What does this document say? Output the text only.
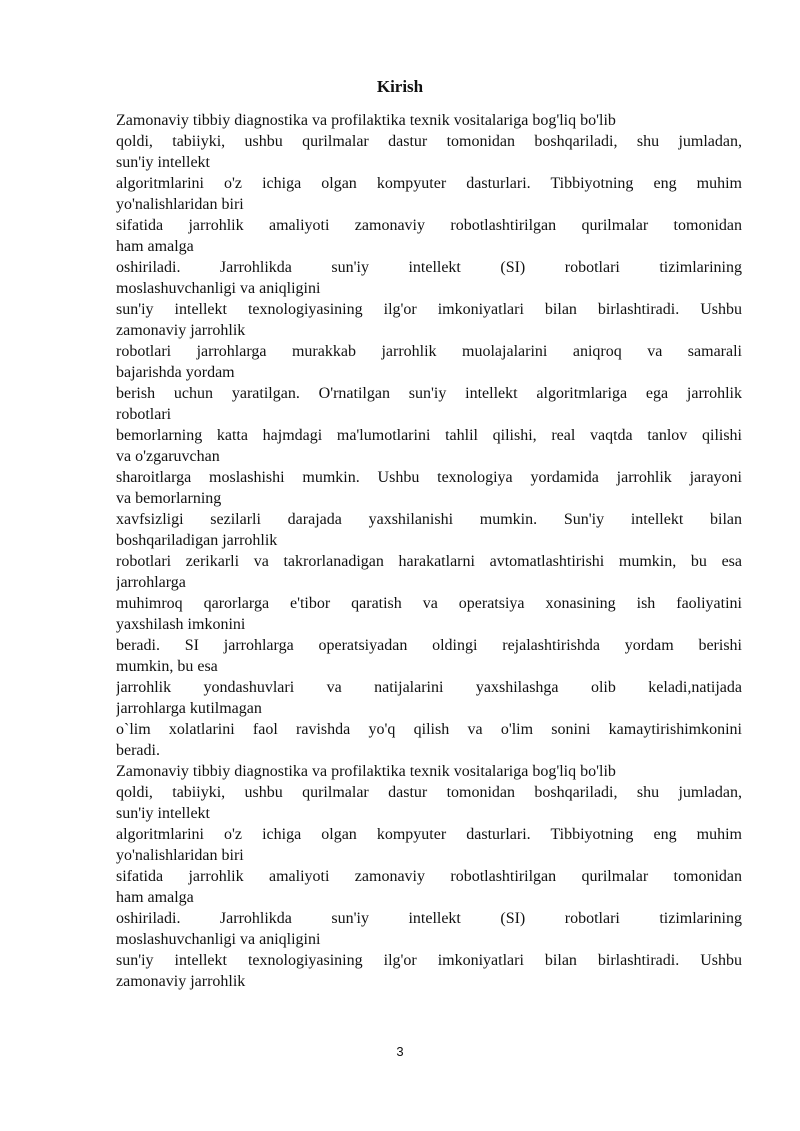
Kirish

Zamonaviy tibbiy diagnostika va profilaktika texnik vositalariga bog'liq bo'lib

qoldi, tabiiyki, ushbu qurilmalar dastur tomonidan boshqariladi, shu jumladan,

sun'iy intellekt

algoritmlarini o'z ichiga olgan kompyuter dasturlari. Tibbiyotning eng muhim

yo'nalishlaridan biri

sifatida jarrohlik amaliyoti zamonaviy robotlashtirilgan qurilmalar tomonidan

ham amalga

oshiriladi. Jarrohlikda sun'iy intellekt (SI) robotlari tizimlarining

moslashuvchanligi va aniqligini

sun'iy intellekt texnologiyasining ilg'or imkoniyatlari bilan birlashtiradi. Ushbu

zamonaviy jarrohlik

robotlari jarrohlarga murakkab jarrohlik muolajalarini aniqroq va samarali

bajarishda yordam

berish uchun yaratilgan. O'rnatilgan sun'iy intellekt algoritmlariga ega jarrohlik

robotlari

bemorlarning katta hajmdagi ma'lumotlarini tahlil qilishi, real vaqtda tanlov qilishi

va o'zgaruvchan

sharoitlarga moslashishi mumkin. Ushbu texnologiya yordamida jarrohlik jarayoni

va bemorlarning

xavfsizligi sezilarli darajada yaxshilanishi mumkin. Sun'iy intellekt bilan

boshqariladigan jarrohlik

robotlari zerikarli va takrorlanadigan harakatlarni avtomatlashtirishi mumkin, bu esa

jarrohlarga

muhimroq qarorlarga e'tibor qaratish va operatsiya xonasining ish faoliyatini

yaxshilash imkonini

beradi. SI jarrohlarga operatsiyadan oldingi rejalashtirishda yordam berishi

mumkin, bu esa

jarrohlik yondashuvlari va natijalarini yaxshilashga olib keladi,natijada

jarrohlarga kutilmagan

o`lim xolatlarini faol ravishda yo'q qilish va o'lim sonini kamaytirishimkonini

beradi.

Zamonaviy tibbiy diagnostika va profilaktika texnik vositalariga bog'liq bo'lib

qoldi, tabiiyki, ushbu qurilmalar dastur tomonidan boshqariladi, shu jumladan,

sun'iy intellekt

algoritmlarini o'z ichiga olgan kompyuter dasturlari. Tibbiyotning eng muhim

yo'nalishlaridan biri

sifatida jarrohlik amaliyoti zamonaviy robotlashtirilgan qurilmalar tomonidan

ham amalga

oshiriladi. Jarrohlikda sun'iy intellekt (SI) robotlari tizimlarining

moslashuvchanligi va aniqligini

sun'iy intellekt texnologiyasining ilg'or imkoniyatlari bilan birlashtiradi. Ushbu

zamonaviy jarrohlik

3
